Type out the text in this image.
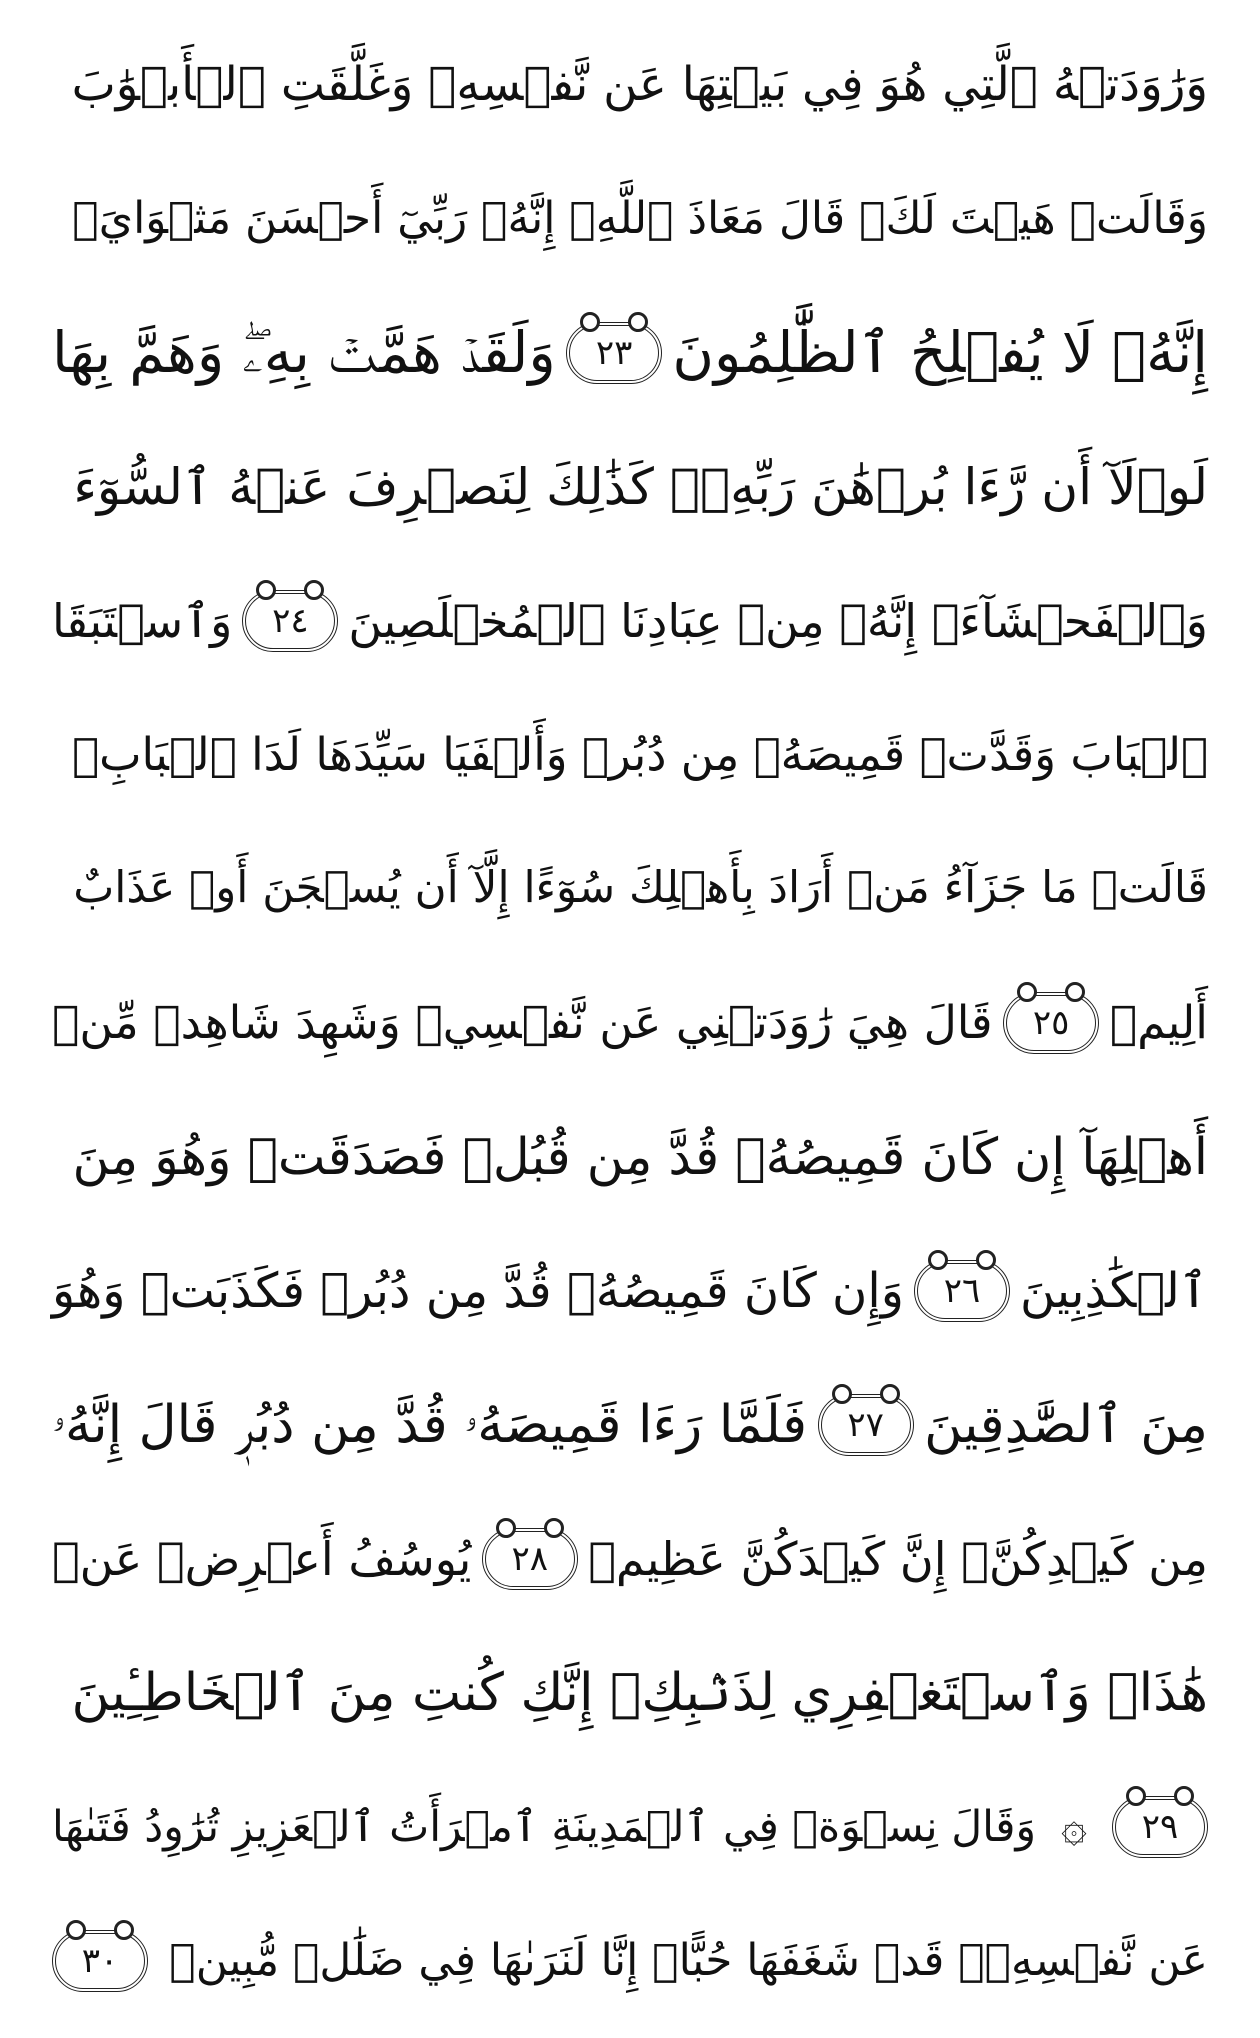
وَرَٰوَدَتۡهُ ٱلَّتِي هُوَ فِي بَيۡتِهَا عَن نَّفۡسِهِۦ وَغَلَّقَتِ ٱلۡأَبۡوَٰبَ
وَقَالَتۡ هَيۡتَ لَكَۚ قَالَ مَعَاذَ ٱللَّهِۖ إِنَّهُۥ رَبِّيٓ أَحۡسَنَ مَثۡوَايَۖ
إِنَّهُۥ لَا يُفۡلِحُ ٱلظَّٰلِمُونَ
٢٣
وَلَقَدۡ هَمَّتۡ بِهِۦۖ وَهَمَّ بِهَا
لَوۡلَآ أَن رَّءَا بُرۡهَٰنَ رَبِّهِۦۚ كَذَٰلِكَ لِنَصۡرِفَ عَنۡهُ ٱلسُّوٓءَ
وَٱلۡفَحۡشَآءَۚ إِنَّهُۥ مِنۡ عِبَادِنَا ٱلۡمُخۡلَصِينَ
٢٤
وَٱسۡتَبَقَا
ٱلۡبَابَ وَقَدَّتۡ قَمِيصَهُۥ مِن دُبُرٖ وَأَلۡفَيَا سَيِّدَهَا لَدَا ٱلۡبَابِۚ
قَالَتۡ مَا جَزَآءُ مَنۡ أَرَادَ بِأَهۡلِكَ سُوٓءًا إِلَّآ أَن يُسۡجَنَ أَوۡ عَذَابٌ
أَلِيمٞ
٢٥
قَالَ هِيَ رَٰوَدَتۡنِي عَن نَّفۡسِيۚ وَشَهِدَ شَاهِدٞ مِّنۡ
أَهۡلِهَآ إِن كَانَ قَمِيصُهُۥ قُدَّ مِن قُبُلٖ فَصَدَقَتۡ وَهُوَ مِنَ
ٱلۡكَٰذِبِينَ
٢٦
وَإِن كَانَ قَمِيصُهُۥ قُدَّ مِن دُبُرٖ فَكَذَبَتۡ وَهُوَ
مِنَ ٱلصَّٰدِقِينَ
٢٧
فَلَمَّا رَءَا قَمِيصَهُۥ قُدَّ مِن دُبُرٖ قَالَ إِنَّهُۥ
مِن كَيۡدِكُنَّۖ إِنَّ كَيۡدَكُنَّ عَظِيمٞ
٢٨
يُوسُفُ أَعۡرِضۡ عَنۡ
هَٰذَاۚ وَٱسۡتَغۡفِرِي لِذَنۢبِكِۖ إِنَّكِ كُنتِ مِنَ ٱلۡخَاطِـِٔينَ
٢٩
۞
وَقَالَ نِسۡوَةٞ فِي ٱلۡمَدِينَةِ ٱمۡرَأَتُ ٱلۡعَزِيزِ تُرَٰوِدُ فَتَىٰهَا
عَن نَّفۡسِهِۦۖ قَدۡ شَغَفَهَا حُبًّاۖ إِنَّا لَنَرَىٰهَا فِي ضَلَٰلٖ مُّبِينٖ
٣٠
